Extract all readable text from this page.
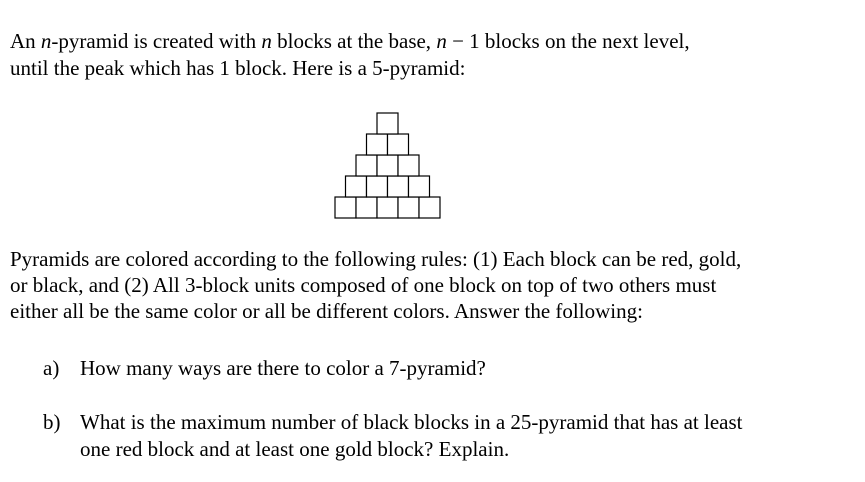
An n-pyramid is created with n blocks at the base, n − 1 blocks on the next level,
until the peak which has 1 block. Here is a 5-pyramid:
Pyramids are colored according to the following rules: (1) Each block can be red, gold,
or black, and (2) All 3-block units composed of one block on top of two others must
either all be the same color or all be different colors. Answer the following:
a) How many ways are there to color a 7-pyramid?
b) What is the maximum number of black blocks in a 25-pyramid that has at least
one red block and at least one gold block? Explain.
